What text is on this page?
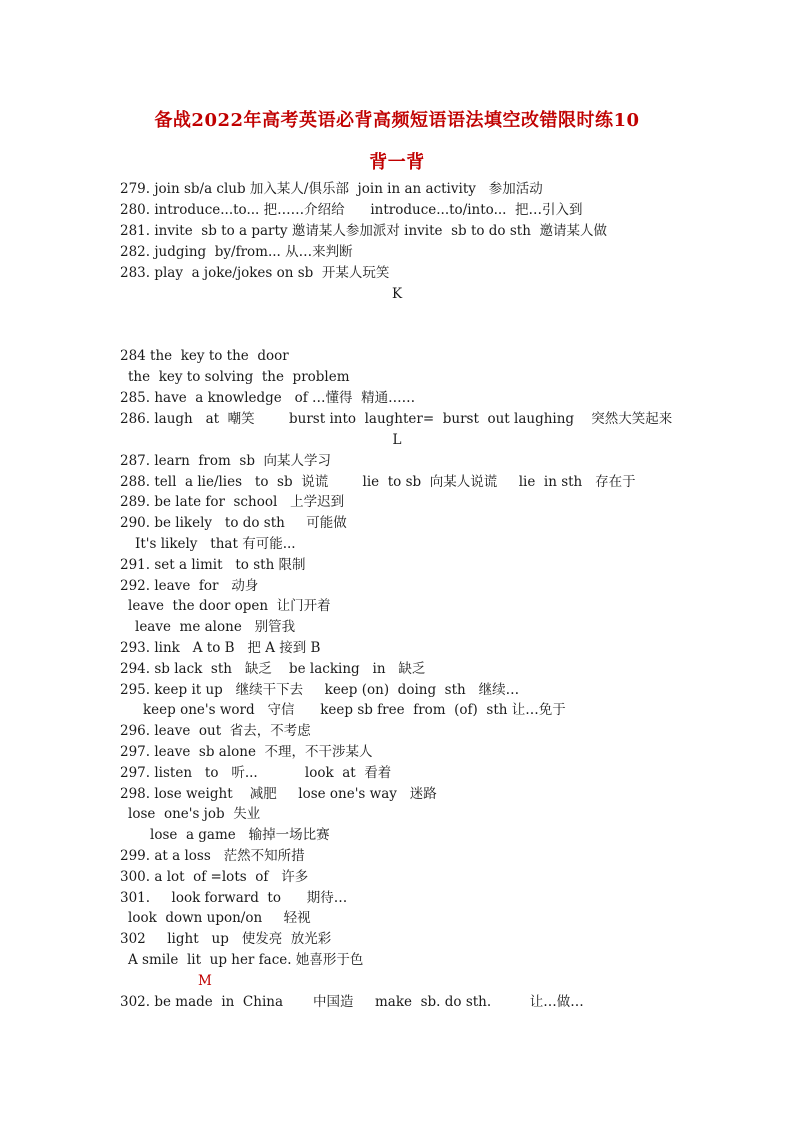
备战2022年高考英语必背高频短语语法填空改错限时练10
背一背
279. join sb/a club 加入某人/俱乐部  join in an activity   参加活动
280. introduce...to... 把……介绍给      introduce...to/into...  把…引入到
281. invite  sb to a party 邀请某人参加派对 invite  sb to do sth  邀请某人做
282. judging  by/from... 从…来判断
283. play  a joke/jokes on sb  开某人玩笑
K
284 the  key to the  door
the  key to solving  the  problem
285. have  a knowledge   of …懂得  精通……
286. laugh   at  嘲笑        burst into  laughter=  burst  out laughing    突然大笑起来
L
287. learn  from  sb  向某人学习
288. tell  a lie/lies   to  sb  说谎        lie  to sb  向某人说谎     lie  in sth   存在于
289. be late for  school   上学迟到
290. be likely   to do sth     可能做
It's likely   that 有可能...
291. set a limit   to sth 限制
292. leave  for   动身
leave  the door open  让门开着
leave  me alone   别管我
293. link   A to B   把 A 接到 B
294. sb lack  sth   缺乏    be lacking   in   缺乏
295. keep it up   继续干下去     keep (on)  doing  sth   继续…
keep one's word   守信      keep sb free  from  (of)  sth 让…免于
296. leave  out  省去，不考虑
297. leave  sb alone  不理，不干涉某人
297. listen   to   听...           look  at  看着
298. lose weight    减肥     lose one's way   迷路
lose  one's job  失业
lose  a game   输掉一场比赛
299. at a loss   茫然不知所措
300. a lot  of =lots  of   许多
301.     look forward  to      期待…
look  down upon/on     轻视
302     light   up   使发亮  放光彩
A smile  lit  up her face. 她喜形于色
M
302. be made  in  China       中国造     make  sb. do sth.         让…做…
